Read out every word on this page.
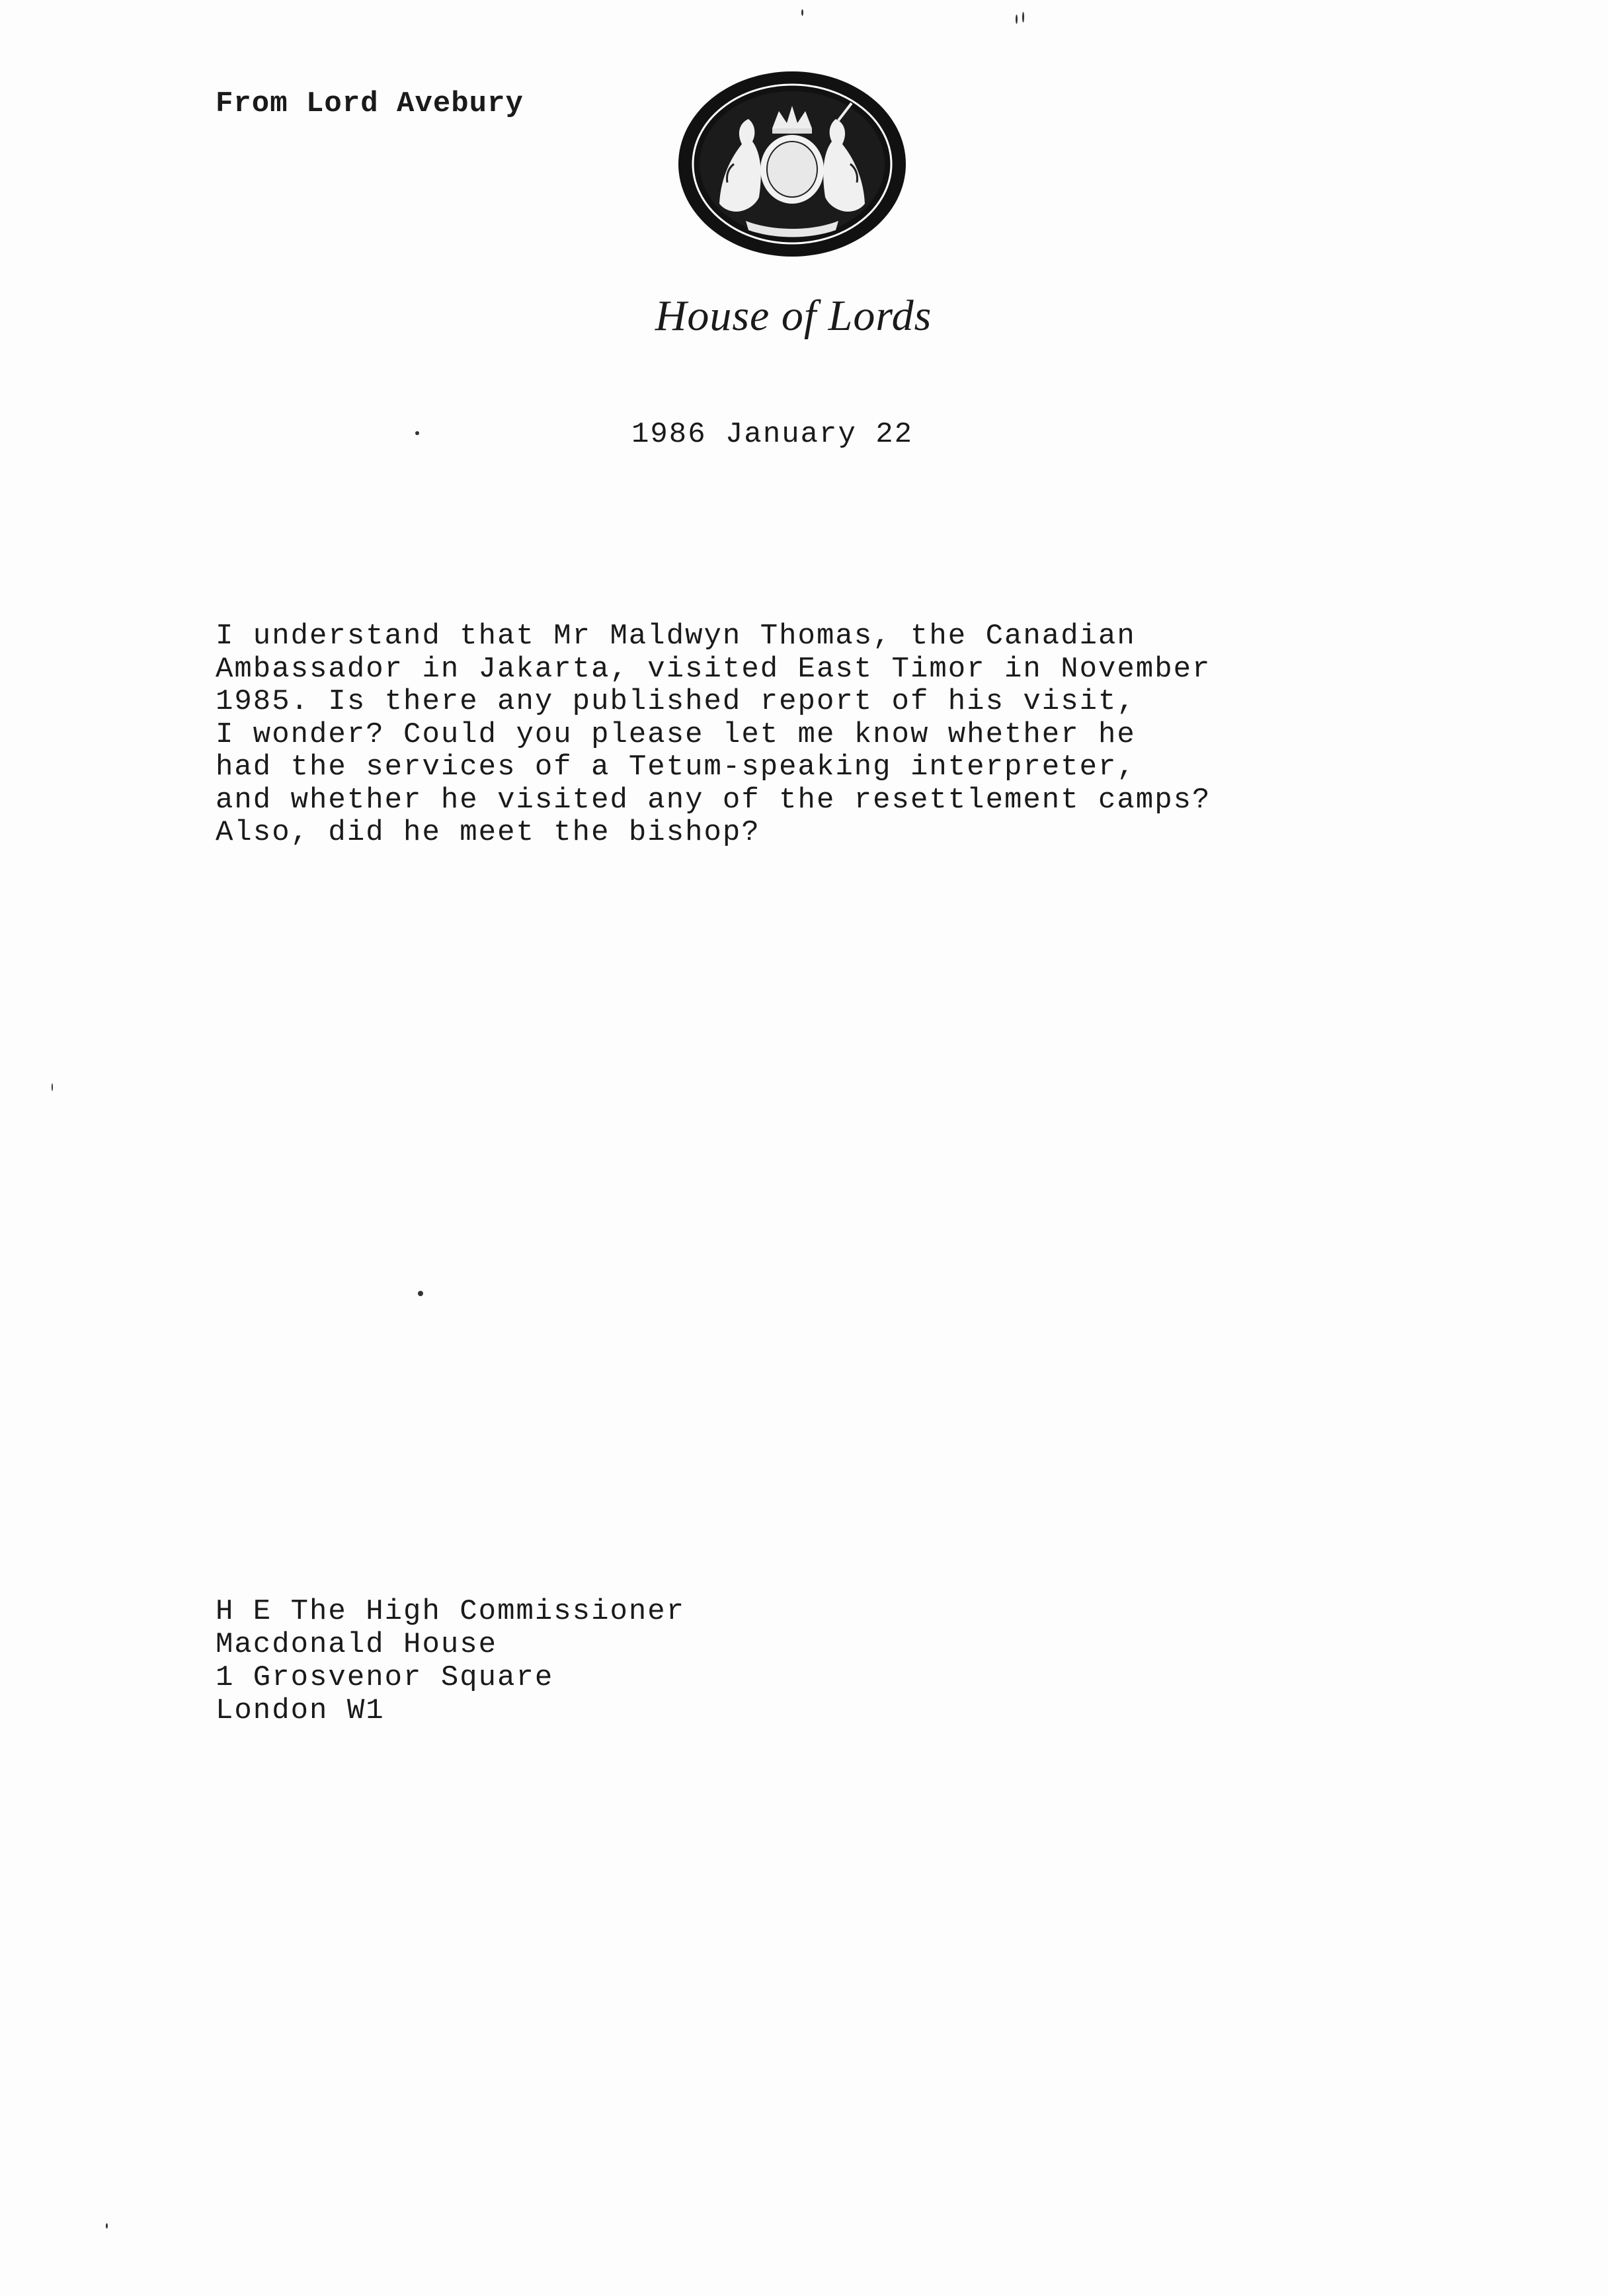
From Lord Avebury
House of Lords
1986 January 22
I understand that Mr Maldwyn Thomas, the Canadian
Ambassador in Jakarta, visited East Timor in November
1985. Is there any published report of his visit,
I wonder? Could you please let me know whether he
had the services of a Tetum-speaking interpreter,
and whether he visited any of the resettlement camps?
Also, did he meet the bishop?
H E The High Commissioner
Macdonald House
1 Grosvenor Square
London W1
